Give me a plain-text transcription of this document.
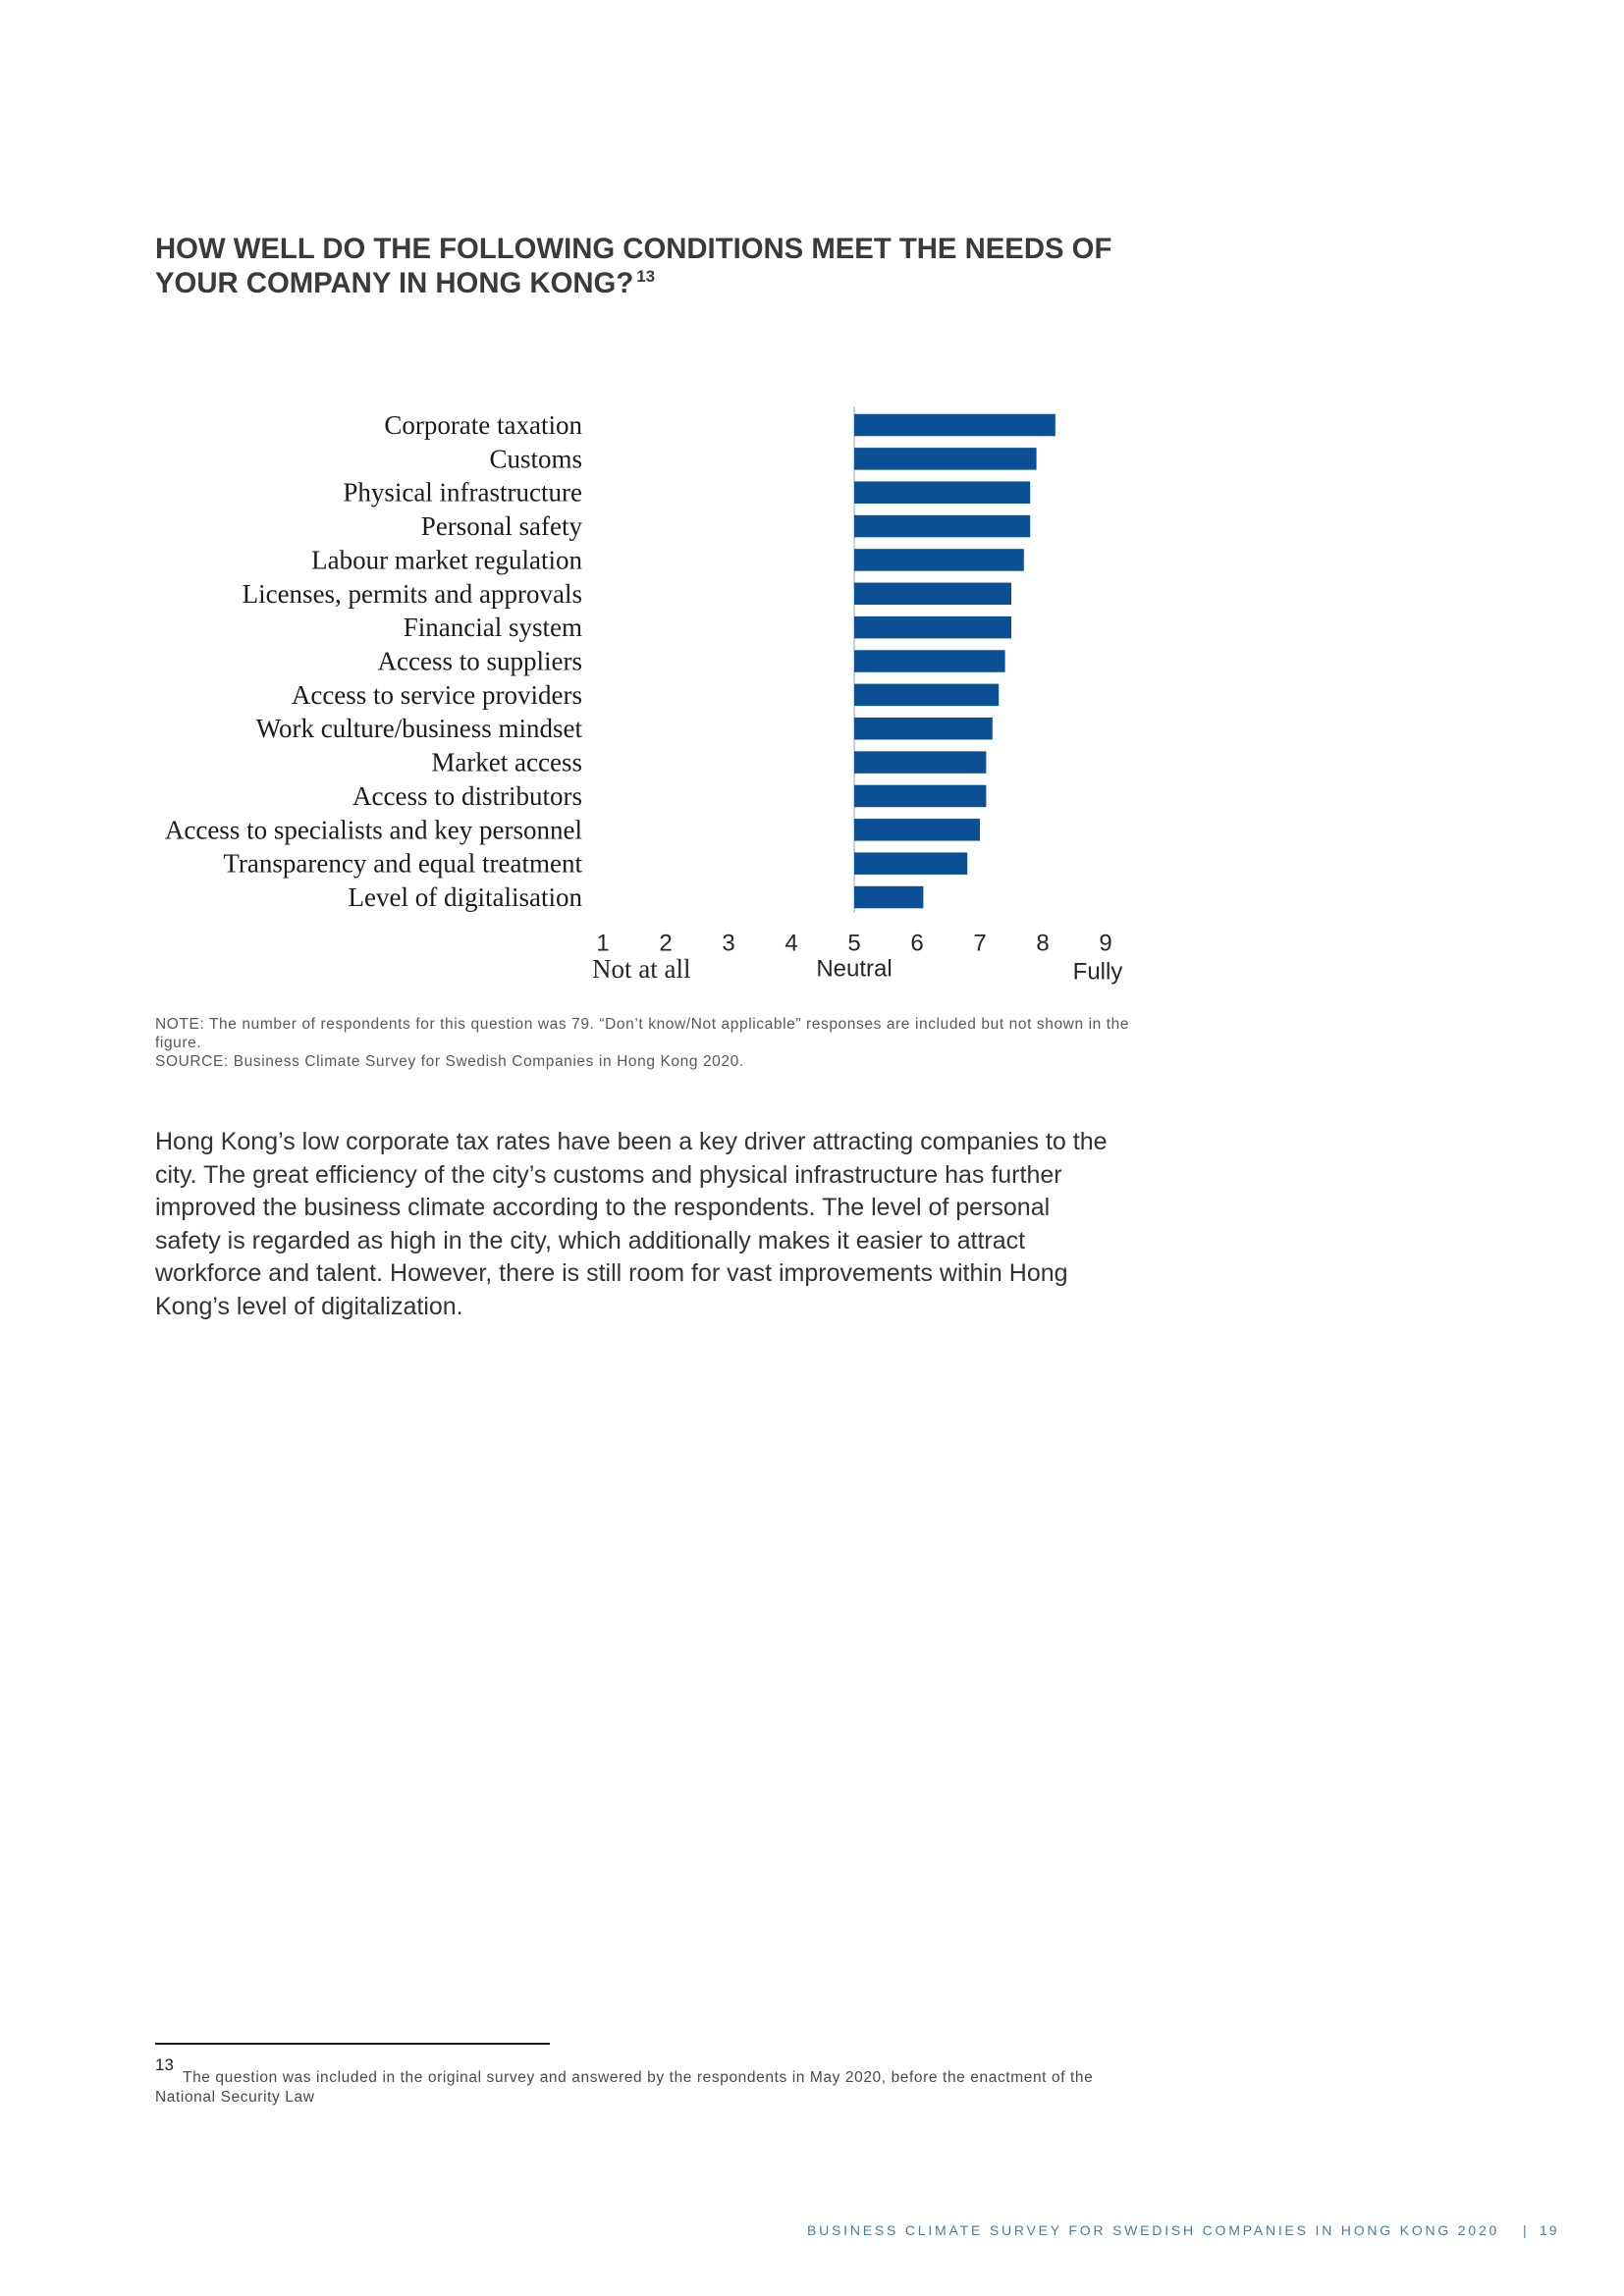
HOW WELL DO THE FOLLOWING CONDITIONS MEET THE NEEDS OF
YOUR COMPANY IN HONG KONG? $^{13}$
Corporate taxation
Customs
Physical infrastructure
Personal safety
Labour market regulation
Licenses, permits and approvals
Financial system
Access to suppliers
Access to service providers
Work culture/business mindset
Market access
Access to distributors
Access to specialists and key personnel
Transparency and equal treatment
Level of digitalisation
1 2 3 4 5 6 7 8 9
Not at all	Neutral	Fully
NOTE: The number of respondents for this question was 79. “Don’t know/Not applicable” responses are included but not shown in the
figure.
SOURCE: Business Climate Survey for Swedish Companies in Hong Kong 2020.
Hong Kong’s low corporate tax rates have been a key driver attracting companies to the
city. The great efficiency of the city’s customs and physical infrastructure has further
improved the business climate according to the respondents. The level of personal
safety is regarded as high in the city, which additionally makes it easier to attract
workforce and talent. However, there is still room for vast improvements within Hong
Kong’s level of digitalization.
13
The question was included in the original survey and answered by the respondents in May 2020, before the enactment of the
National Security Law
BUSINESS CLIMATE SURVEY FOR SWEDISH COMPANIES IN HONG KONG 2020 | 19
